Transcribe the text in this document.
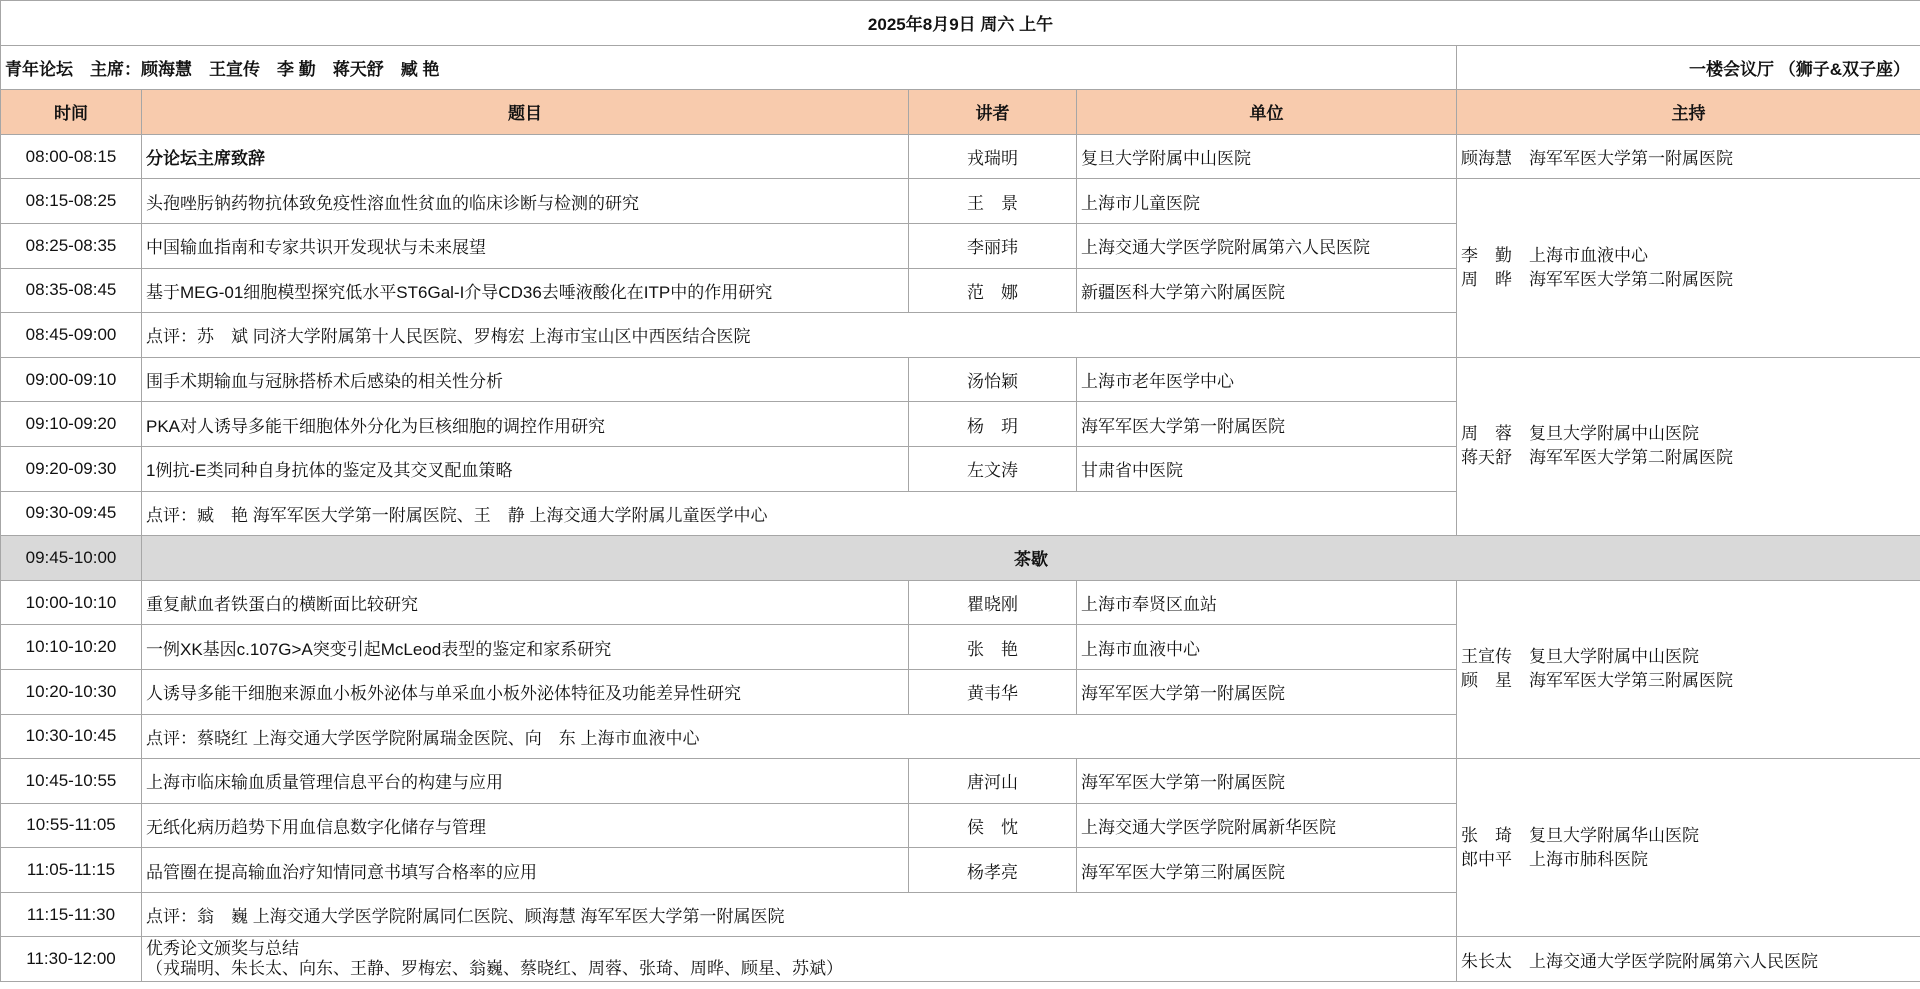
2025年8月9日 周六 上午				
青年论坛　主席：顾海慧　王宣传　李 勤　蒋天舒　臧 艳				一楼会议厅 （狮子&双子座）
时间	题目	讲者	单位	主持
08:00-08:15	分论坛主席致辞	戎瑞明	复旦大学附属中山医院	顾海慧　海军军医大学第一附属医院
08:15-08:25	头孢唑肟钠药物抗体致免疫性溶血性贫血的临床诊断与检测的研究	王　景	上海市儿童医院	李　勤　上海市血液中心
周　晔　海军军医大学第二附属医院

08:25-08:35	中国输血指南和专家共识开发现状与未来展望	李丽玮	上海交通大学医学院附属第六人民医院	
08:35-08:45	基于MEG-01细胞模型探究低水平ST6Gal-I介导CD36去唾液酸化在ITP中的作用研究	范　娜	新疆医科大学第六附属医院	
08:45-09:00	点评：苏　斌 同济大学附属第十人民医院、罗梅宏 上海市宝山区中西医结合医院			
09:00-09:10	围手术期输血与冠脉搭桥术后感染的相关性分析	汤怡颖	上海市老年医学中心	周　蓉　复旦大学附属中山医院
蒋天舒　海军军医大学第二附属医院

09:10-09:20	PKA对人诱导多能干细胞体外分化为巨核细胞的调控作用研究	杨　玥	海军军医大学第一附属医院	
09:20-09:30	1例抗-E类同种自身抗体的鉴定及其交叉配血策略	左文涛	甘肃省中医院	
09:30-09:45	点评：臧　艳 海军军医大学第一附属医院、王　静 上海交通大学附属儿童医学中心			
09:45-10:00	茶歇			
10:00-10:10	重复献血者铁蛋白的横断面比较研究	瞿晓刚	上海市奉贤区血站	王宣传　复旦大学附属中山医院
顾　星　海军军医大学第三附属医院

10:10-10:20	一例XK基因c.107G>A突变引起McLeod表型的鉴定和家系研究	张　艳	上海市血液中心	
10:20-10:30	人诱导多能干细胞来源血小板外泌体与单采血小板外泌体特征及功能差异性研究	黄韦华	海军军医大学第一附属医院	
10:30-10:45	点评：蔡晓红 上海交通大学医学院附属瑞金医院、向　东 上海市血液中心			
10:45-10:55	上海市临床输血质量管理信息平台的构建与应用	唐河山	海军军医大学第一附属医院	张　琦　复旦大学附属华山医院
郎中平　上海市肺科医院

10:55-11:05	无纸化病历趋势下用血信息数字化储存与管理	侯　忱	上海交通大学医学院附属新华医院	
11:05-11:15	品管圈在提高输血治疗知情同意书填写合格率的应用	杨孝亮	海军军医大学第三附属医院	
11:15-11:30	点评：翁　巍 上海交通大学医学院附属同仁医院、顾海慧 海军军医大学第一附属医院			
11:30-12:00	优秀论文颁奖与总结
（戎瑞明、朱长太、向东、王静、罗梅宏、翁巍、蔡晓红、周蓉、张琦、周晔、顾星、苏斌）			朱长太　上海交通大学医学院附属第六人民医院
